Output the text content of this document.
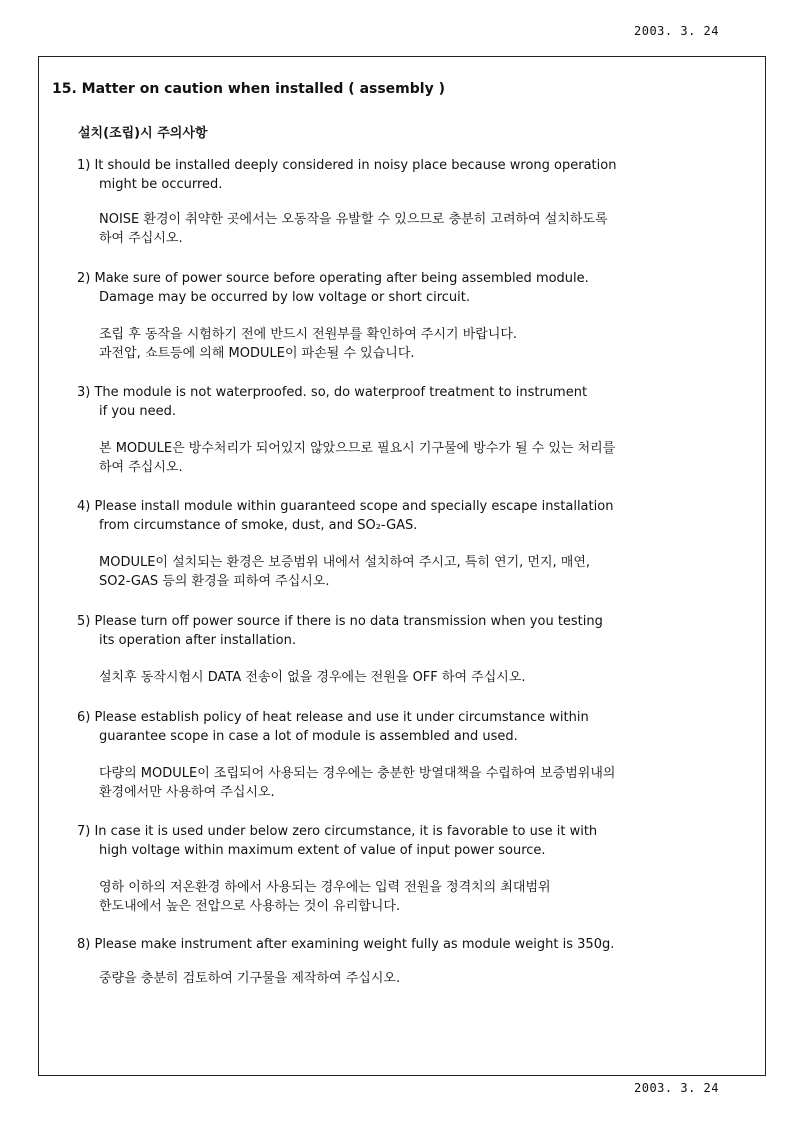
2003. 3. 24
15. Matter on caution when installed ( assembly )
설치(조립)시 주의사항
1) It should be installed deeply considered in noisy place because wrong operation
might be occurred.
NOISE 환경이 취약한 곳에서는 오동작을 유발할 수 있으므로 충분히 고려하여 설치하도록
하여 주십시오.
2) Make sure of power source before operating after being assembled module.
Damage may be occurred by low voltage or short circuit.
조립 후 동작을 시험하기 전에 반드시 전원부를 확인하여 주시기 바랍니다.
과전압, 쇼트등에 의해 MODULE이 파손될 수 있습니다.
3) The module is not waterproofed. so, do waterproof treatment to instrument
if you need.
본 MODULE은 방수처리가 되어있지 않았으므로 필요시 기구물에 방수가 될 수 있는 처리를
하여 주십시오.
4) Please install module within guaranteed scope and specially escape installation
from circumstance of smoke, dust, and SO₂-GAS.
MODULE이 설치되는 환경은 보증범위 내에서 설치하여 주시고, 특히 연기, 먼지, 매연,
SO2-GAS 등의 환경을 피하여 주십시오.
5) Please turn off power source if there is no data transmission when you testing
its operation after installation.
설치후 동작시험시 DATA 전송이 없을 경우에는 전원을 OFF 하여 주십시오.
6) Please establish policy of heat release and use it under circumstance within
guarantee scope in case a lot of module is assembled and used.
다량의 MODULE이 조립되어 사용되는 경우에는 충분한 방열대책을 수립하여 보증범위내의
환경에서만 사용하여 주십시오.
7) In case it is used under below zero circumstance, it is favorable to use it with
high voltage within maximum extent of value of input power source.
영하 이하의 저온환경 하에서 사용되는 경우에는 입력 전원을 정격치의 최대범위
한도내에서 높은 전압으로 사용하는 것이 유리합니다.
8) Please make instrument after examining weight fully as module weight is 350g.
중량을 충분히 검토하여 기구물을 제작하여 주십시오.
2003. 3. 24
